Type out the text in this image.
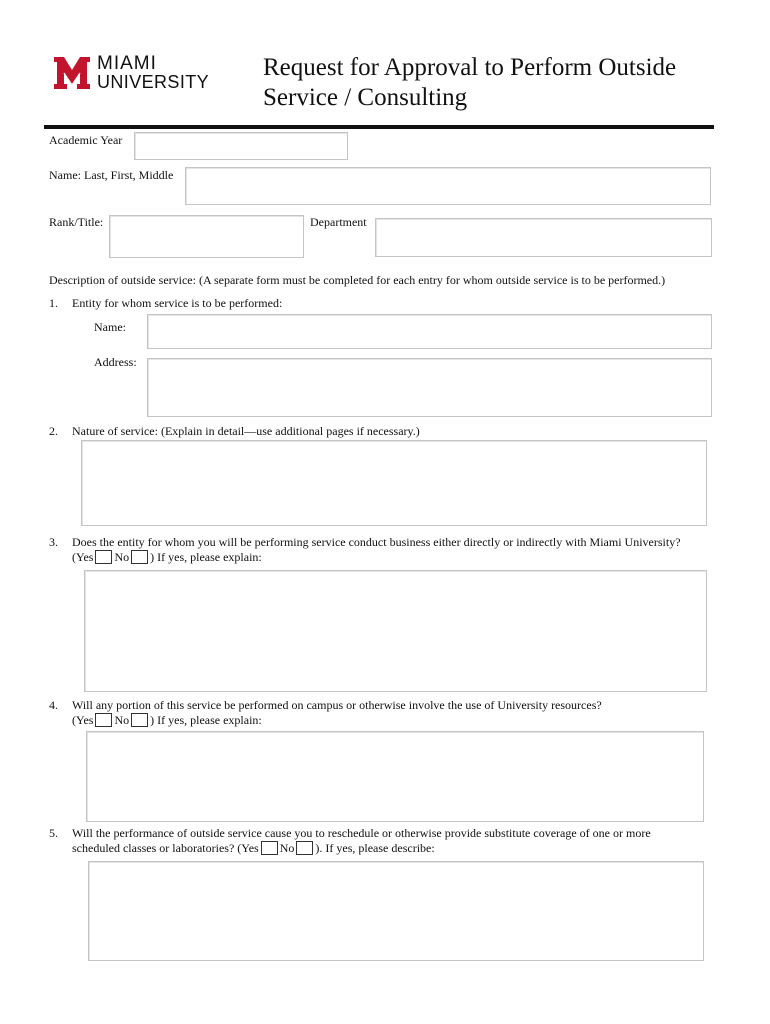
MIAMI
UNIVERSITY
Request for Approval to Perform Outside
Service / Consulting
Academic Year
Name: Last, First, Middle
Rank/Title:	Department
Description of outside service: (A separate form must be completed for each entry for whom outside service is to be performed.)
1. Entity for whom service is to be performed:
Name:
Address:
2. Nature of service: (Explain in detail—use additional pages if necessary.)
3. Does the entity for whom you will be performing service conduct business either directly or indirectly with Miami University?
(Yes No ) If yes, please explain:
4. Will any portion of this service be performed on campus or otherwise involve the use of University resources?
(Yes No ) If yes, please explain:
5. Will the performance of outside service cause you to reschedule or otherwise provide substitute coverage of one or more
scheduled classes or laboratories? (Yes No ). If yes, please describe:
